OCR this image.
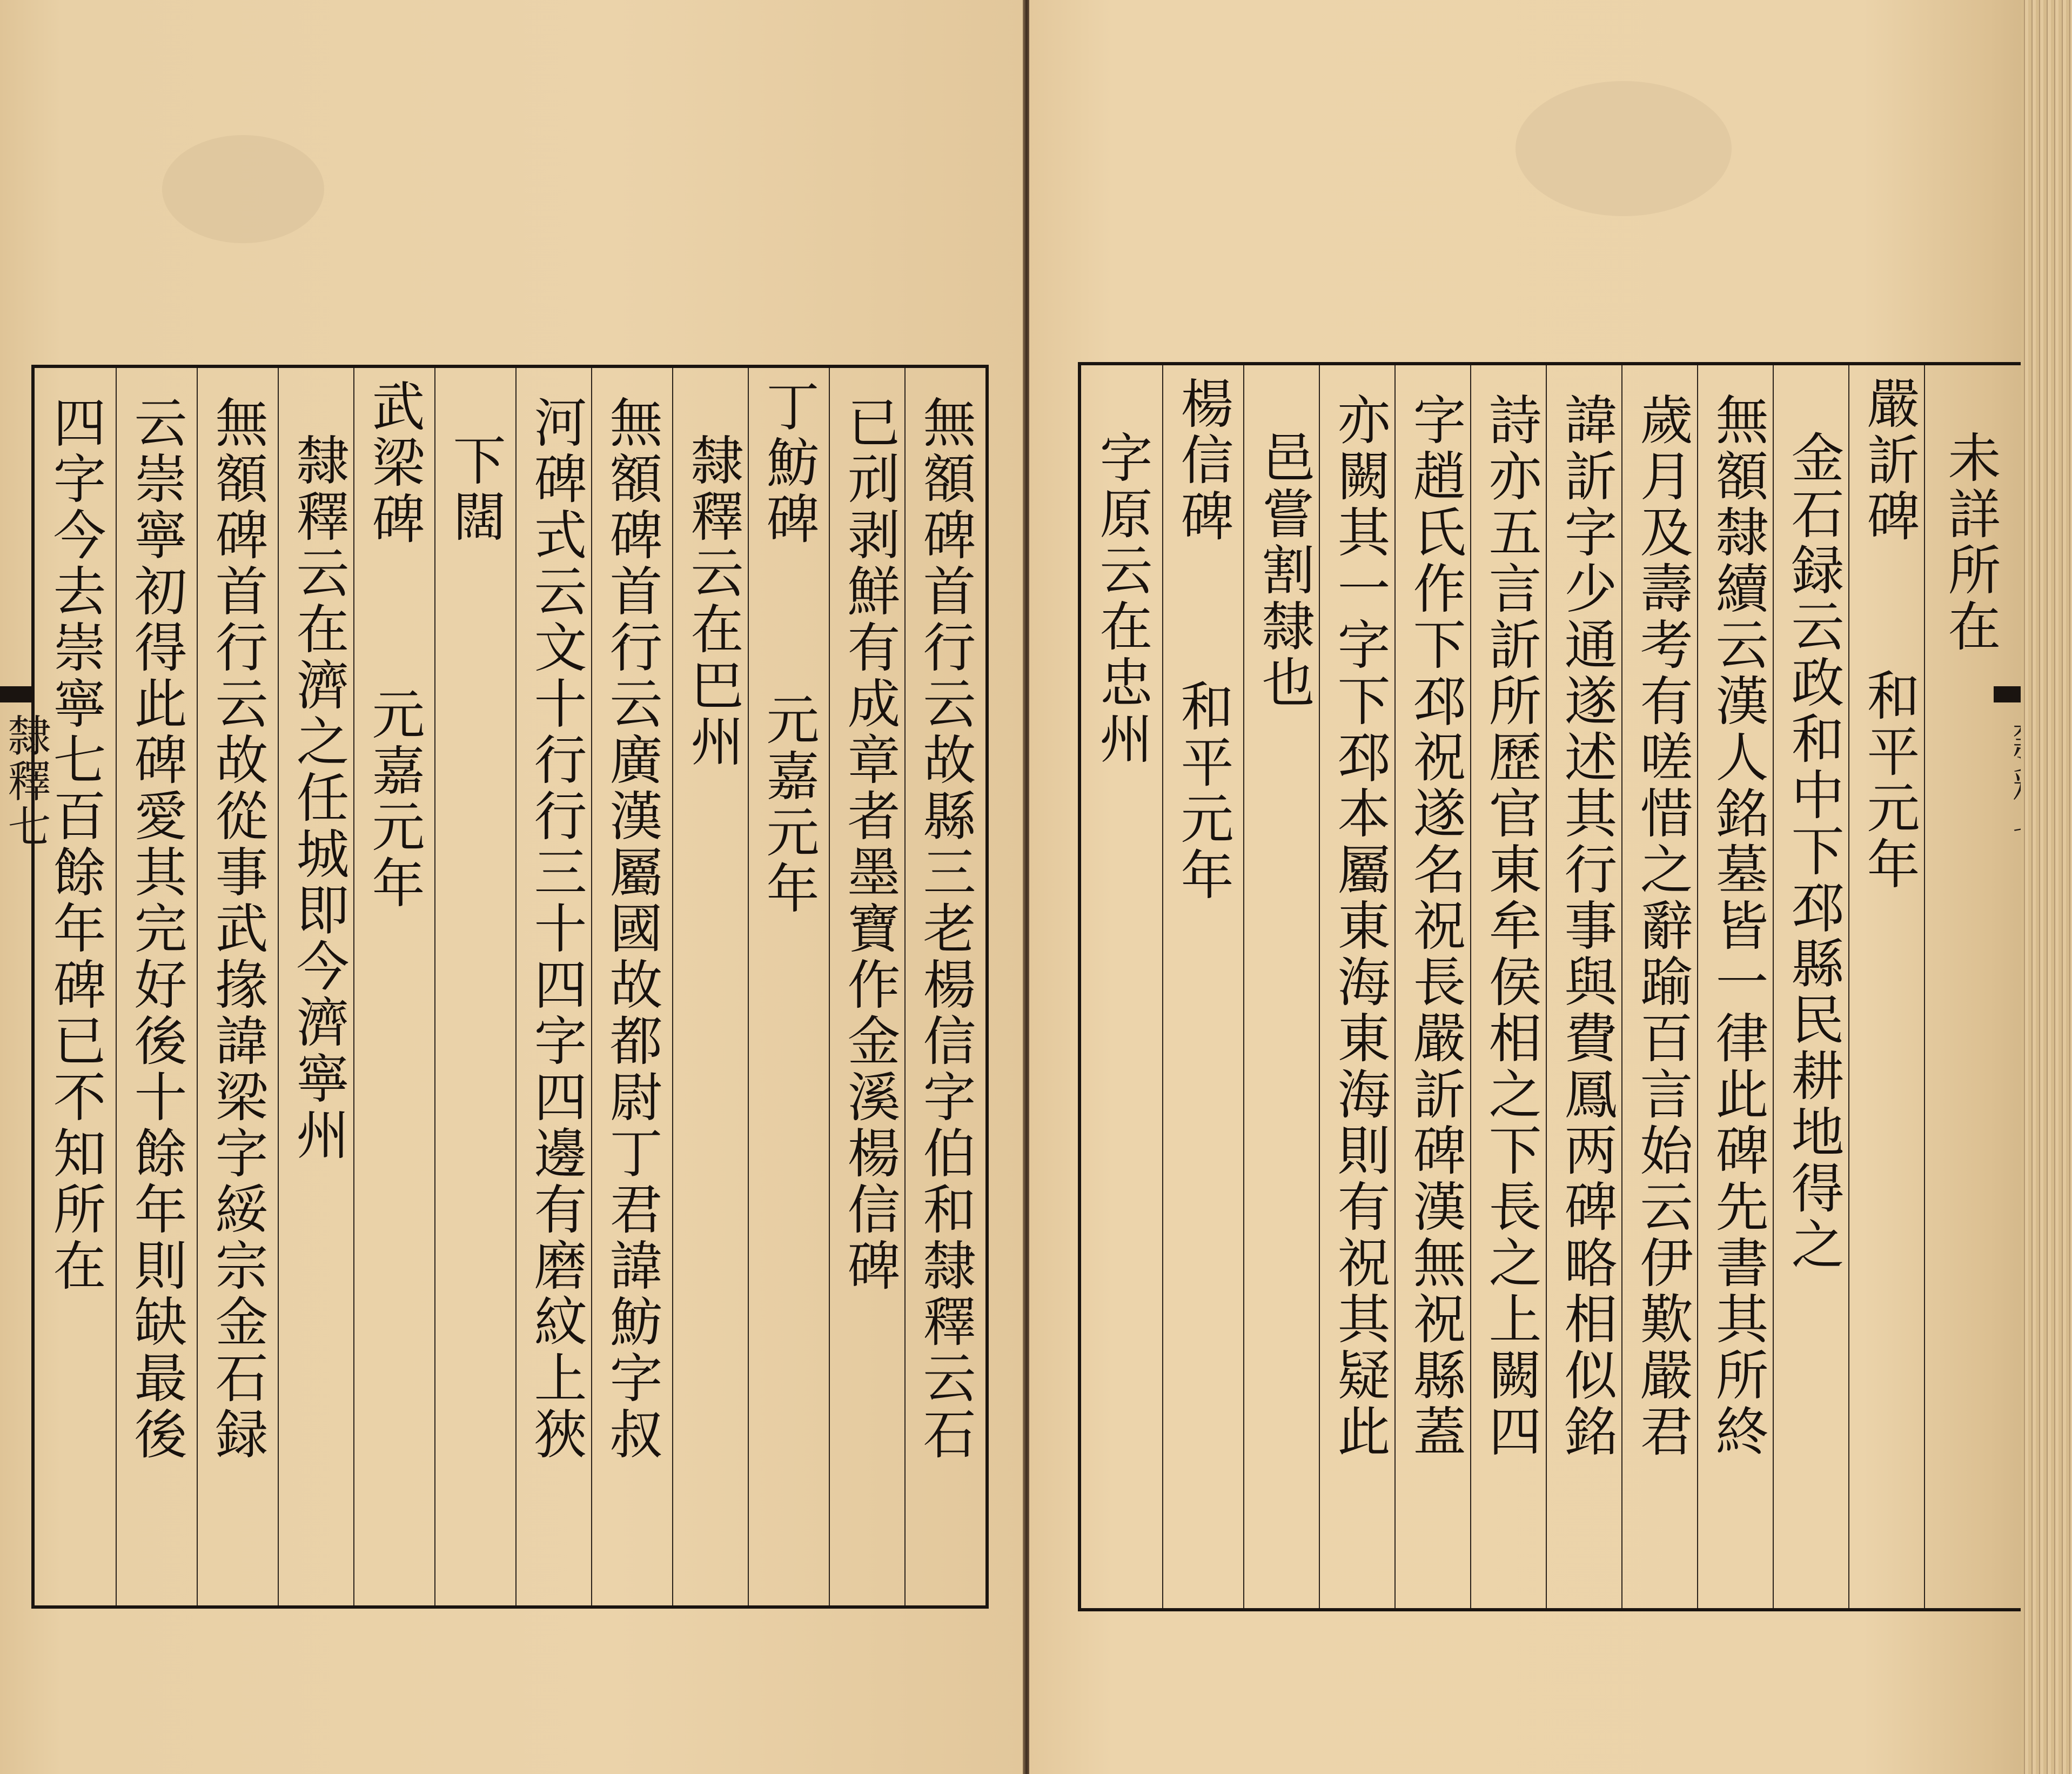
無額碑首行云故縣三老楊信字伯和隸釋云石
已刓剥鮮有成章者墨寶作金溪楊信碑
丁魴碑
元嘉元年
隸釋云在巴州
無額碑首行云廣漢屬國故都尉丁君諱魴字叔
河碑式云文十行行三十四字四邊有磨紋上狹
下闊
武梁碑
元嘉元年
隸釋云在濟之任城即今濟寧州
無額碑首行云故從事武掾諱梁字綏宗金石録
云崇寧初得此碑愛其完好後十餘年則缺最後
四字今去崇寧七百餘年碑已不知所在
隸釋七
未詳所在
嚴訢碑
和平元年
金石録云政和中下邳縣民耕地得之
無額隸續云漢人銘墓皆一律此碑先書其所終
歲月及壽考有嗟惜之辭踰百言始云伊歎嚴君
諱訢字少通遂述其行事與費鳳两碑略相似銘
詩亦五言訢所歷官東牟侯相之下長之上闕四
字趙氏作下邳祝遂名祝長嚴訢碑漢無祝縣蓋
亦闕其一字下邳本屬東海東海則有祝其疑此
邑嘗割隸也
楊信碑
和平元年
字原云在忠州
